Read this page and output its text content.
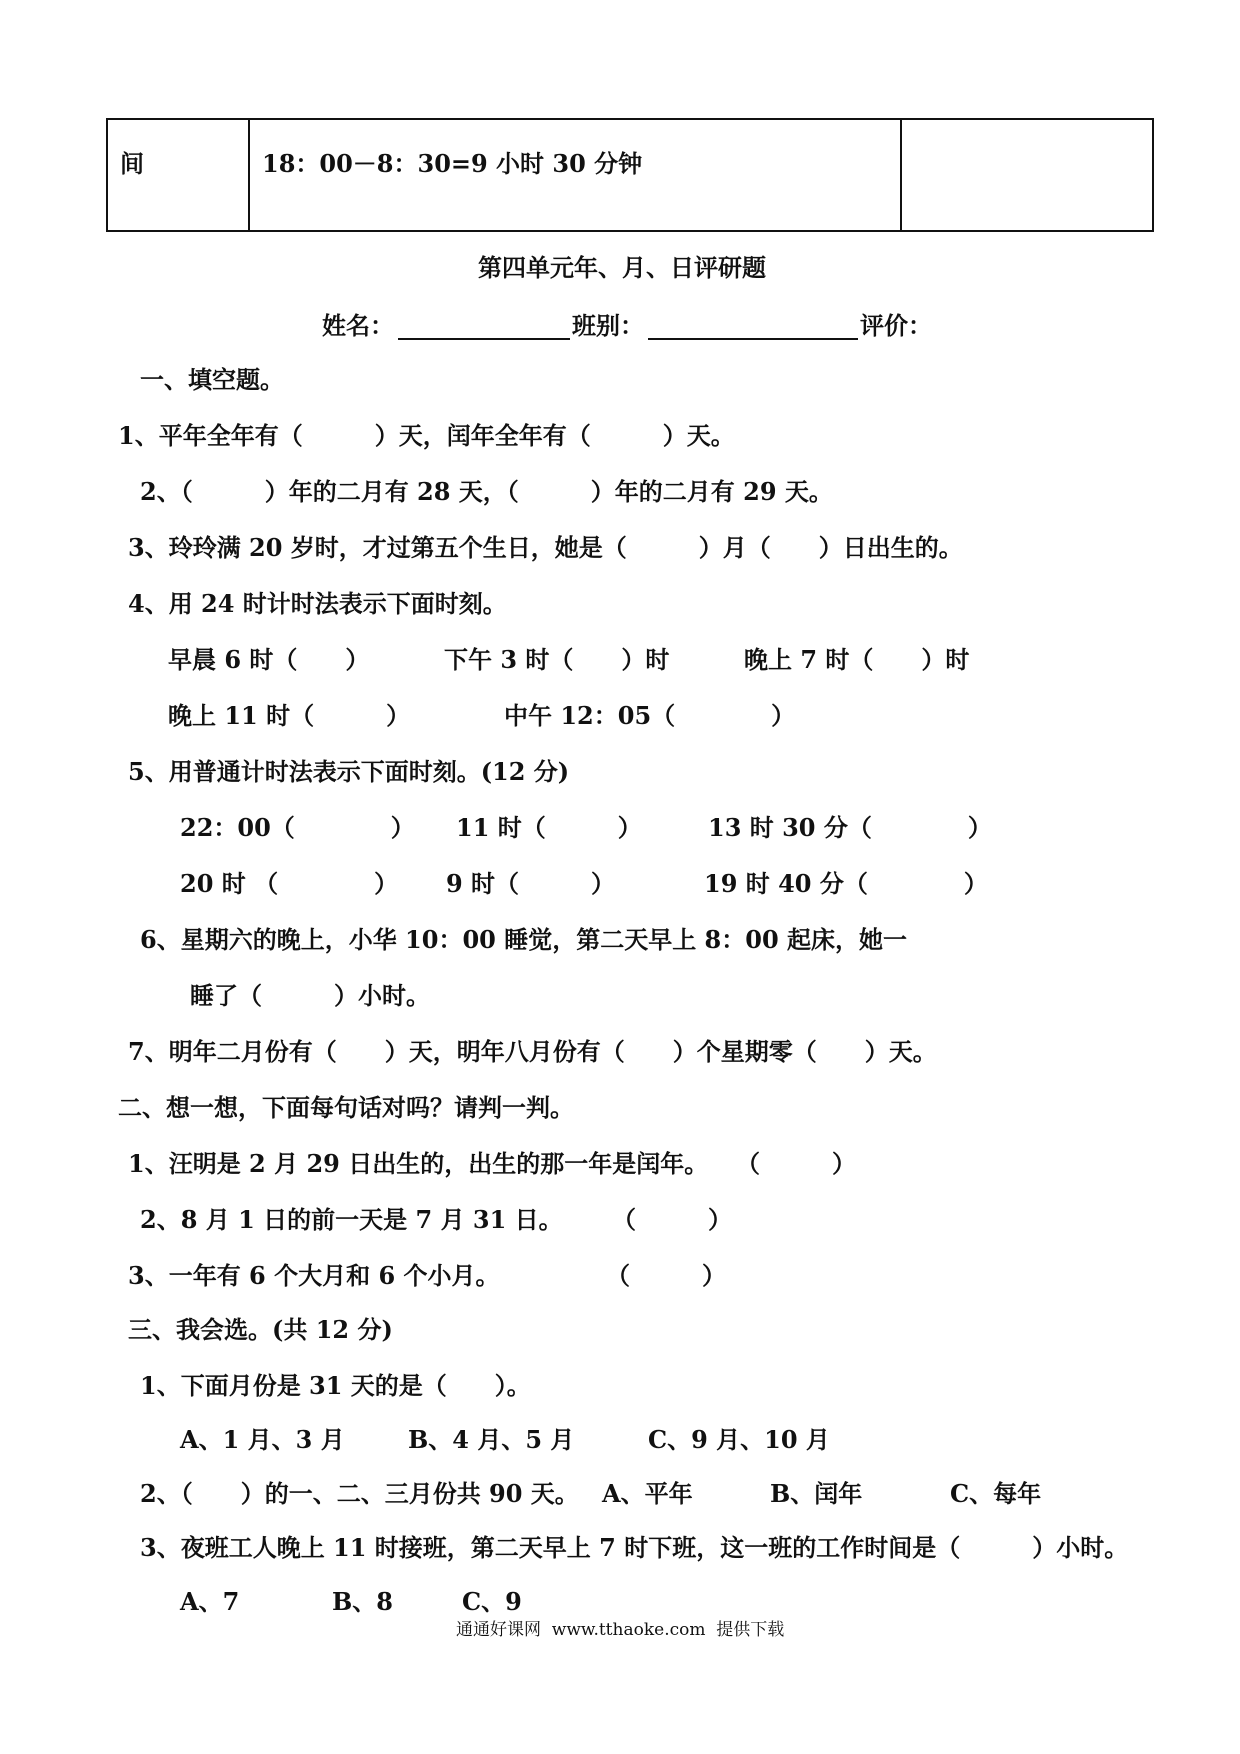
间	18：00－8：30=9 小时 30 分钟	
第四单元年、月、日评研题
姓名：	班别：	评价：
一、填空题。
1、平年全年有（　　　）天，闰年全年有（　　　）天。
2、（　　　）年的二月有 28 天，（　　　）年的二月有 29 天。
3、玲玲满 20 岁时，才过第五个生日，她是（　　　）月（　　）日出生的。
4、用 24 时计时法表示下面时刻。
早晨 6 时（　　）	下午 3 时（　　）时	晚上 7 时（　　）时
晚上 11 时（　　　）	中午 12：05（　　　　）
5、用普通计时法表示下面时刻。(12 分)
22：00（　　　　） 11 时（　　　）	13 时 30 分（　　　　）
20 时 （　　　　） 9 时（　　　）	19 时 40 分（　　　　）
6、星期六的晚上，小华 10：00 睡觉，第二天早上 8：00 起床，她一
睡了（　　　）小时。
7、明年二月份有（　　）天，明年八月份有（　　）个星期零（　　）天。
二、想一想，下面每句话对吗？请判一判。
1、汪明是 2 月 29 日出生的，出生的那一年是闰年。 （　　　）
2、8 月 1 日的前一天是 7 月 31 日。 （　　　）
3、一年有 6 个大月和 6 个小月。	（　　　）
三、我会选。(共 12 分)
1、下面月份是 31 天的是（　　）。
A、1 月、3 月	B、4 月、5 月	C、9 月、10 月
2、（　　）的一、二、三月份共 90 天。 A、平年	B、闰年	C、每年
3、夜班工人晚上 11 时接班，第二天早上 7 时下班，这一班的工作时间是（　　　）小时。
A、7	B、8	C、9
通通好课网  www.tthaoke.com  提供下载
